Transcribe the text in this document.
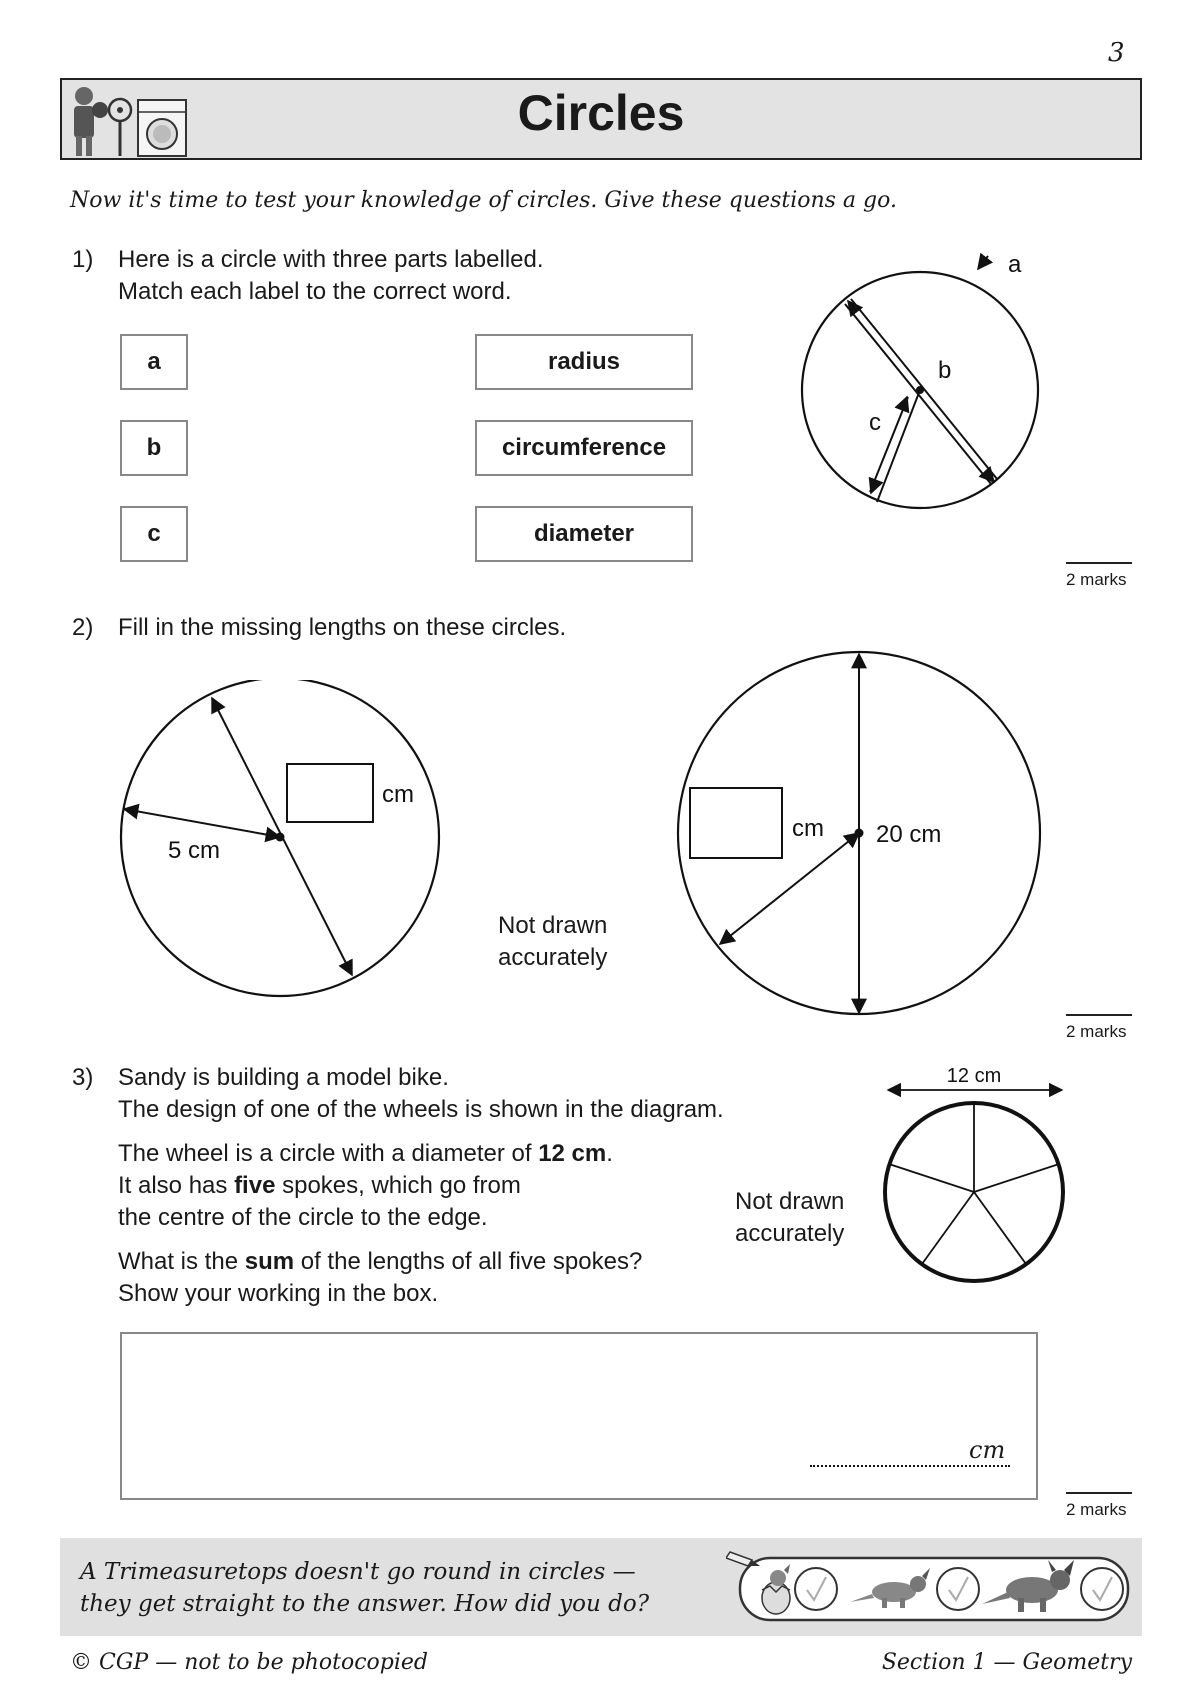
3
Circles
Now it's time to test your knowledge of circles. Give these questions a go.
1) Here is a circle with three parts labelled.
Match each label to the correct word.
a
b
c
radius
circumference
diameter
a
b
c
2 marks
2) Fill in the missing lengths on these circles.
cm
5 cm
Not drawn
accurately
cm 20 cm
2 marks
3) Sandy is building a model bike.
The design of one of the wheels is shown in the diagram.
The wheel is a circle with a diameter of 12 cm.
It also has five spokes, which go from
the centre of the circle to the edge.
What is the sum of the lengths of all five spokes?
Show your working in the box.
Not drawn
accurately
12 cm
cm
2 marks
A Trimeasuretops doesn't go round in circles —
they get straight to the answer. How did you do?
© CGP — not to be photocopied	Section 1 — Geometry
